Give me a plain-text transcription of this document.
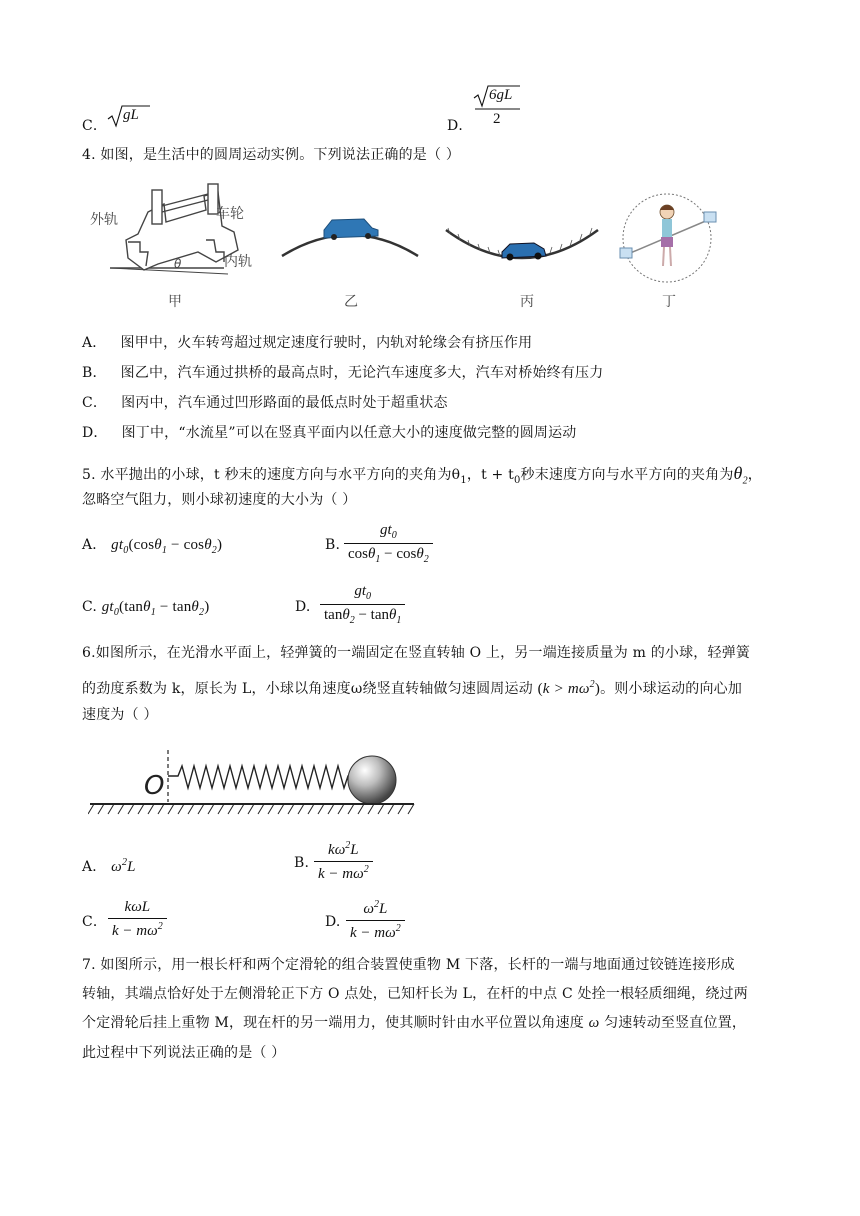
C．
gL
D．
6gL
2
4. 如图，是生活中的圆周运动实例。下列说法正确的是（ ）
外轨	车轮
内轨
θ
甲	乙	丙	丁
A． 图甲中，火车转弯超过规定速度行驶时，内轨对轮缘会有挤压作用
B． 图乙中，汽车通过拱桥的最高点时，无论汽车速度多大，汽车对桥始终有压力
C． 图丙中，汽车通过凹形路面的最低点时处于超重状态
D． 图丁中，“水流星”可以在竖真平面内以任意大小的速度做完整的圆周运动
5. 水平抛出的小球，t 秒末的速度方向与水平方向的夹角为$\theta_1$，$t + t_0$秒末速度方向与水平方向的夹角为$\theta_2$，
忽略空气阻力，则小球初速度的大小为（ ）
A． $gt_0(\cos\theta_1 - \cos\theta_2)$	B. $\frac{gt_0}{\cos\theta_1 - \cos\theta_2}$
C. $gt_0(\tan\theta_1 - \tan\theta_2)$	D. $\frac{gt_0}{\tan\theta_2 - \tan\theta_1}$
6.如图所示，在光滑水平面上，轻弹簧的一端固定在竖直转轴 O 上，另一端连接质量为 m 的小球，轻弹簧
的劲度系数为 k，原长为 L，小球以角速度ω绕竖直转轴做匀速圆周运动 $(k > m\omega^2)$。则小球运动的向心加
速度为（ ）
O
A． $\omega^2L$	B. $\frac{k\omega^2L}{k - m\omega^2}$
C． $\frac{\text{kωL}}{k - m\omega^2}$	D. $\frac{\omega^2L}{k - m\omega^2}$
7. 如图所示，用一根长杆和两个定滑轮的组合装置使重物 M 下落，长杆的一端与地面通过铰链连接形成
转轴，其端点恰好处于左侧滑轮正下方 O 点处，已知杆长为 L，在杆的中点 C 处拴一根轻质细绳，绕过两
个定滑轮后挂上重物 M，现在杆的另一端用力，使其顺时针由水平位置以角速度 ω 匀速转动至竖直位置，
此过程中下列说法正确的是（ ）
